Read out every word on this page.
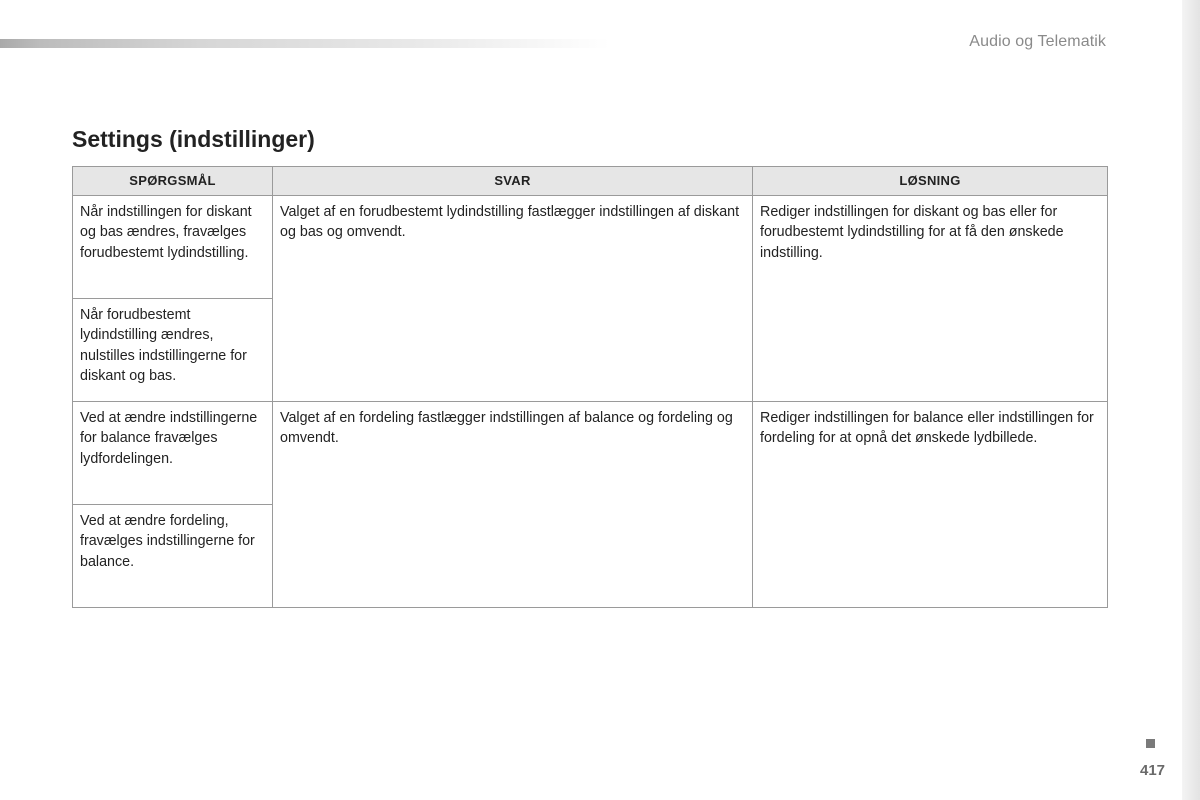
Audio og Telematik
Settings (indstillinger)
SPØRGSMÅL	SVAR	LØSNING
Når indstillingen for diskant og bas ændres, fravælges forudbestemt lydindstilling.	Valget af en forudbestemt lydindstilling fastlægger indstillingen af diskant og bas og omvendt.	Rediger indstillingen for diskant og bas eller for forudbestemt lydindstilling for at få den ønskede indstilling.
Når forudbestemt lydindstilling ændres, nulstilles indstillingerne for diskant og bas.		
Ved at ændre indstillingerne for balance fravælges lydfordelingen.	Valget af en fordeling fastlægger indstillingen af balance og fordeling og omvendt.	Rediger indstillingen for balance eller indstillingen for fordeling for at opnå det ønskede lydbillede.
Ved at ændre fordeling, fravælges indstillingerne for balance.		
417
